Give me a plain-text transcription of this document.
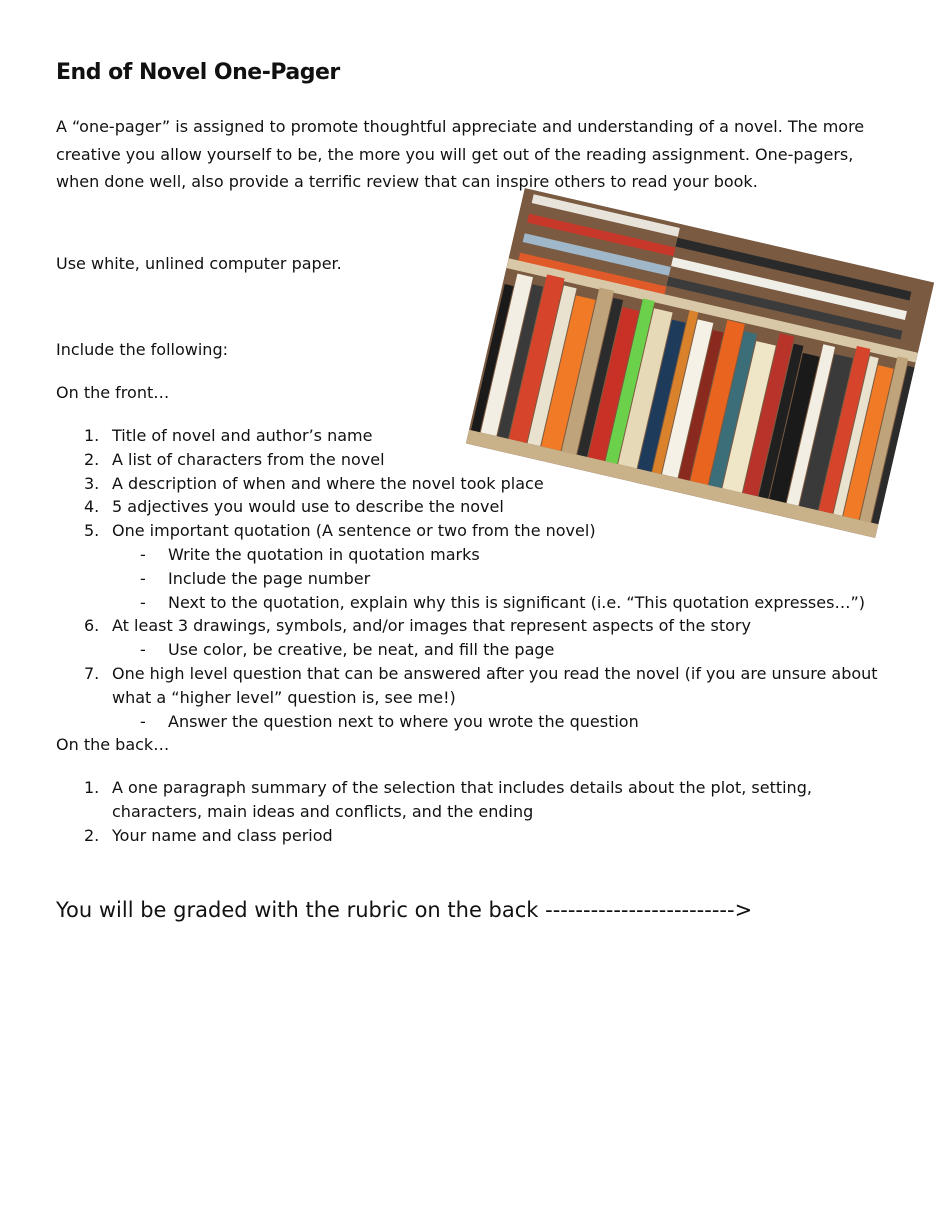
End of Novel One-Pager

A “one-pager” is assigned to promote thoughtful appreciate and understanding of a novel. The more creative you allow yourself to be, the more you will get out of the reading assignment. One-pagers, when done well, also provide a terrific review that can inspire others to read your book.

Use white, unlined computer paper.
Include the following:
On the front…
1. Title of novel and author’s name
2. A list of characters from the novel
3. A description of when and where the novel took place
4. 5 adjectives you would use to describe the novel
5. One important quotation (A sentence or two from the novel)
- Write the quotation in quotation marks
- Include the page number
- Next to the quotation, explain why this is significant (i.e. “This quotation expresses…”)
6. At least 3 drawings, symbols, and/or images that represent aspects of the story
- Use color, be creative, be neat, and fill the page
7. One high level question that can be answered after you read the novel (if you are unsure about what a “higher level” question is, see me!)
- Answer the question next to where you wrote the question
On the back…
1. A one paragraph summary of the selection that includes details about the plot, setting, characters, main ideas and conflicts, and the ending
2. Your name and class period
You will be graded with the rubric on the back ------------------------->
